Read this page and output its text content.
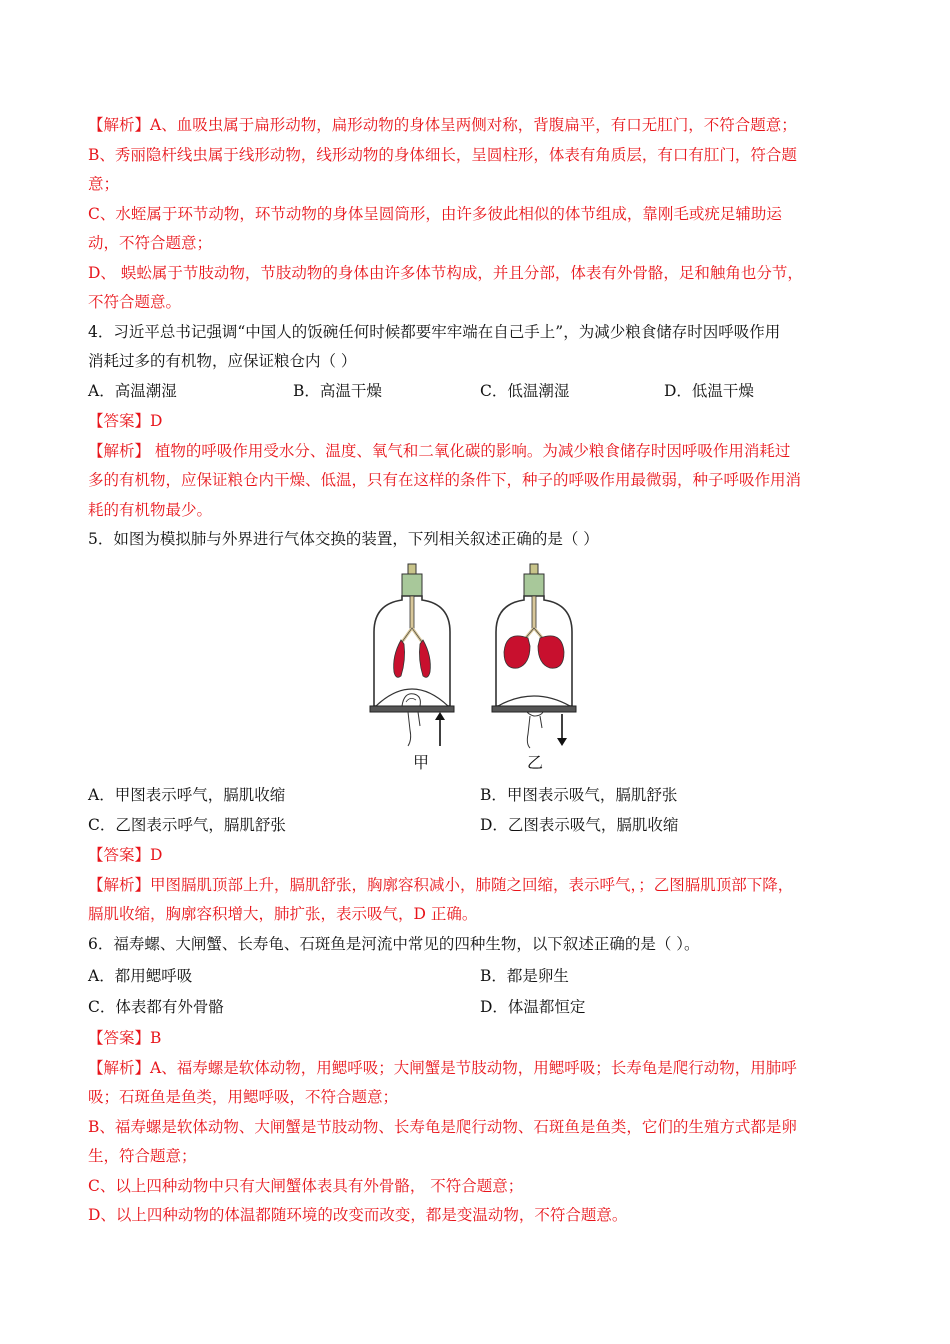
【解析】A、血吸虫属于扁形动物，扁形动物的身体呈两侧对称，背腹扁平，有口无肛门，不符合题意；
B、秀丽隐杆线虫属于线形动物，线形动物的身体细长，呈圆柱形，体表有角质层，有口有肛门，符合题
意；
C、水蛭属于环节动物，环节动物的身体呈圆筒形，由许多彼此相似的体节组成，靠刚毛或疣足辅助运
动，不符合题意；
D、 蜈蚣属于节肢动物，节肢动物的身体由许多体节构成，并且分部，体表有外骨骼，足和触角也分节，
不符合题意。
4．习近平总书记强调“中国人的饭碗任何时候都要牢牢端在自己手上”，为减少粮食储存时因呼吸作用
消耗过多的有机物，应保证粮仓内（ ）
A．高温潮湿	B．高温干燥	C．低温潮湿	D．低温干燥
【答案】D
【解析】 植物的呼吸作用受水分、温度、氧气和二氧化碳的影响。为减少粮食储存时因呼吸作用消耗过
多的有机物，应保证粮仓内干燥、低温，只有在这样的条件下，种子的呼吸作用最微弱，种子呼吸作用消
耗的有机物最少。
5．如图为模拟肺与外界进行气体交换的装置，下列相关叙述正确的是（ ）
甲	乙
A．甲图表示呼气，膈肌收缩	B．甲图表示吸气，膈肌舒张
C．乙图表示呼气，膈肌舒张	D．乙图表示吸气，膈肌收缩
【答案】D
【解析】甲图膈肌顶部上升，膈肌舒张，胸廓容积减小，肺随之回缩，表示呼气，；乙图膈肌顶部下降，
膈肌收缩，胸廓容积增大，肺扩张，表示吸气，D 正确。
6．福寿螺、大闸蟹、长寿龟、石斑鱼是河流中常见的四种生物，以下叙述正确的是（ ）。
A．都用鳃呼吸	B．都是卵生
C．体表都有外骨骼	D．体温都恒定
【答案】B
【解析】A、福寿螺是软体动物，用鳃呼吸；大闸蟹是节肢动物，用鳃呼吸；长寿龟是爬行动物，用肺呼
吸；石斑鱼是鱼类，用鳃呼吸，不符合题意；
B、福寿螺是软体动物、大闸蟹是节肢动物、长寿龟是爬行动物、石斑鱼是鱼类，它们的生殖方式都是卵
生，符合题意；
C、以上四种动物中只有大闸蟹体表具有外骨骼， 不符合题意；
D、以上四种动物的体温都随环境的改变而改变，都是变温动物，不符合题意。
